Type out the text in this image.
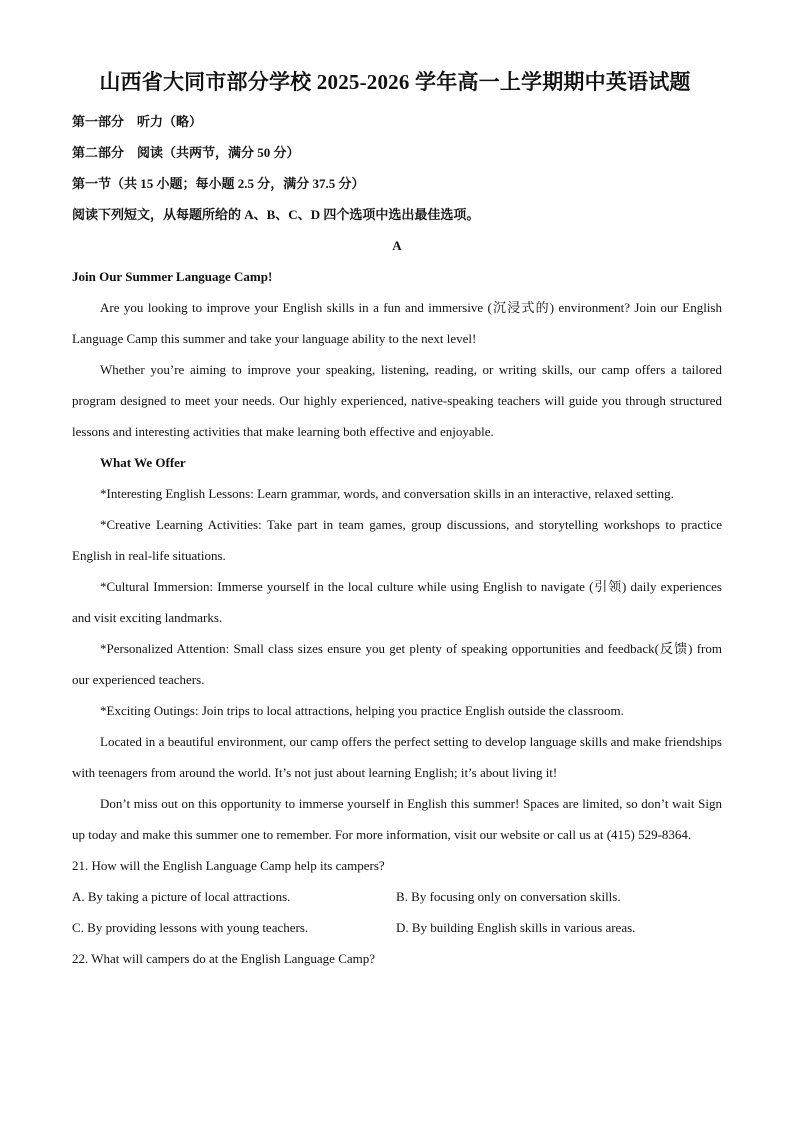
山西省大同市部分学校 2025-2026 学年高一上学期期中英语试题

第一部分　听力（略）

第二部分　阅读（共两节，满分 50 分）

第一节（共 15 小题；每小题 2.5 分，满分 37.5 分）

阅读下列短文，从每题所给的 A、B、C、D 四个选项中选出最佳选项。

A

Join Our Summer Language Camp!

Are you looking to improve your English skills in a fun and immersive (沉浸式的) environment? Join our English Language Camp this summer and take your language ability to the next level!

Whether you’re aiming to improve your speaking, listening, reading, or writing skills, our camp offers a tailored program designed to meet your needs. Our highly experienced, native-speaking teachers will guide you through structured lessons and interesting activities that make learning both effective and enjoyable.

What We Offer

*Interesting English Lessons: Learn grammar, words, and conversation skills in an interactive, relaxed setting.

*Creative Learning Activities: Take part in team games, group discussions, and storytelling workshops to practice English in real-life situations.

*Cultural Immersion: Immerse yourself in the local culture while using English to navigate (引领) daily experiences and visit exciting landmarks.

*Personalized Attention: Small class sizes ensure you get plenty of speaking opportunities and feedback(反馈) from our experienced teachers.

*Exciting Outings: Join trips to local attractions, helping you practice English outside the classroom.

Located in a beautiful environment, our camp offers the perfect setting to develop language skills and make friendships with teenagers from around the world. It’s not just about learning English; it’s about living it!

Don’t miss out on this opportunity to immerse yourself in English this summer! Spaces are limited, so don’t wait Sign up today and make this summer one to remember. For more information, visit our website or call us at (415) 529-8364.

21. How will the English Language Camp help its campers?

A. By taking a picture of local attractions.	B. By focusing only on conversation skills.
C. By providing lessons with young teachers.	D. By building English skills in various areas.

22. What will campers do at the English Language Camp?
